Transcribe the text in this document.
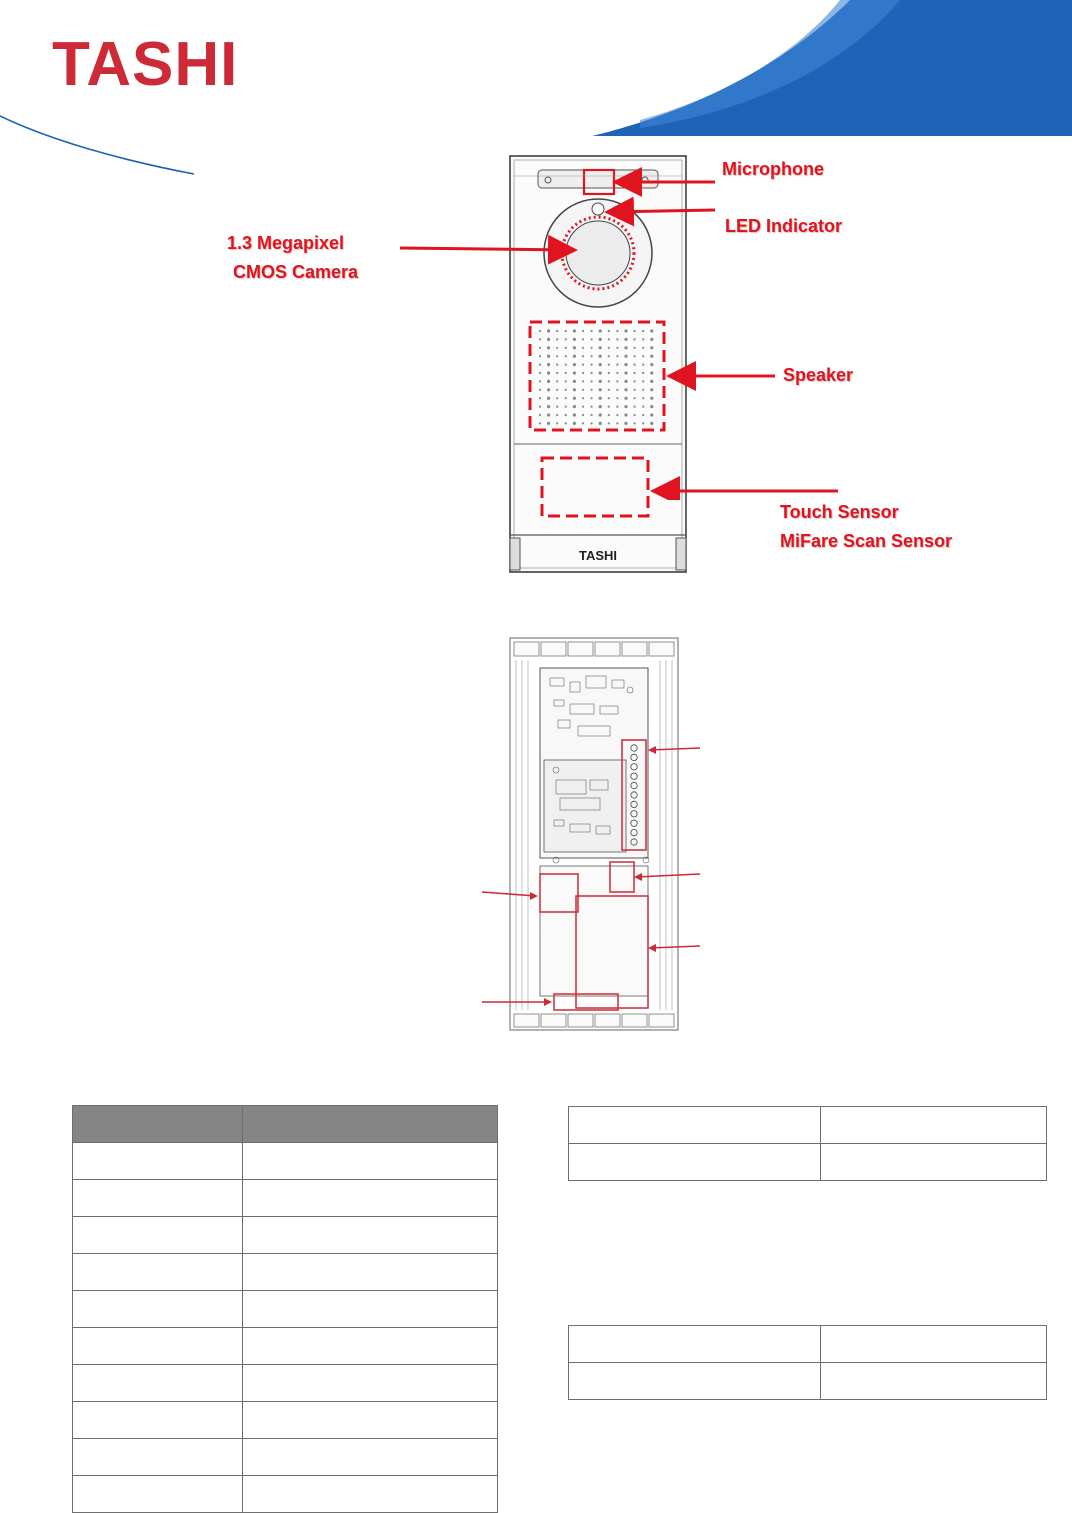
TASHI
TASHI
Microphone
LED Indicator
1.3 Megapixel
CMOS Camera
Speaker
Touch Sensor
MiFare Scan Sensor
